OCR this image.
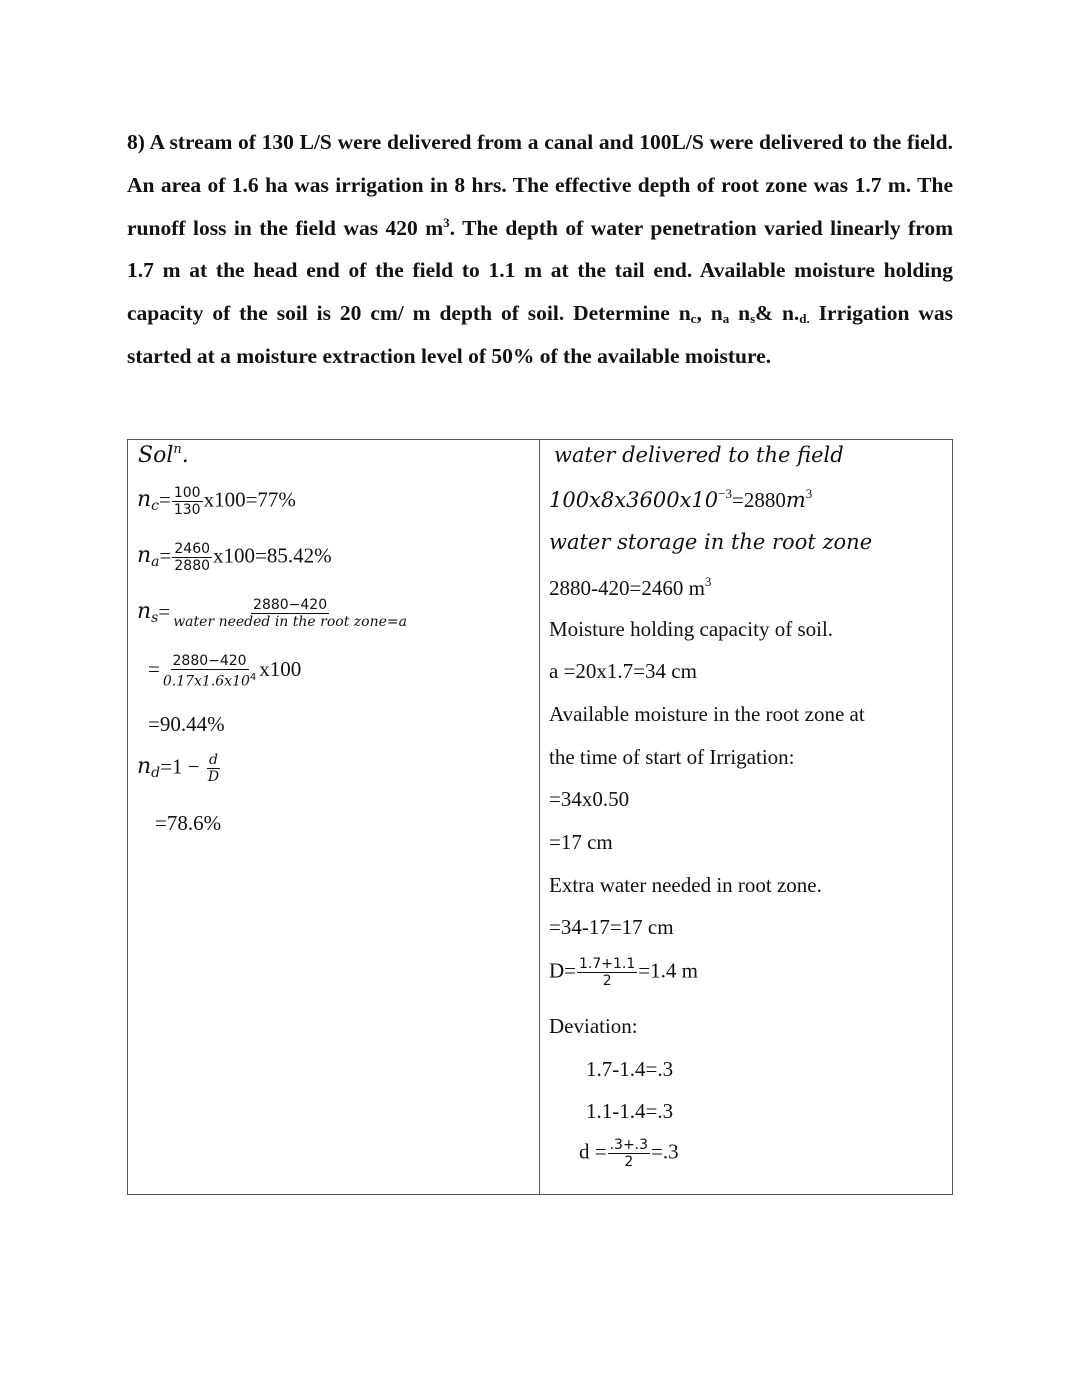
8) A stream of 130 L/S were delivered from a canal and 100L/S were delivered to the field. An area of 1.6 ha was irrigation in 8 hrs. The effective depth of root zone was 1.7 m. The runoff loss in the field was 420 $m^3$. The depth of water penetration varied linearly from 1.7 m at the head end of the field to 1.1 m at the tail end. Available moisture holding capacity of the soil is 20 cm/ m depth of soil. Determine $n_c$, $n_a$ $n_s\&$ $n._{d.}$ Irrigation was started at a moisture extraction level of 50% of the available moisture.
Sol$^n$.
$n_c= \frac{100}{130} x100=77\%$
$n_a= \frac{2460}{2880} x100=85.42\%$
$n_s= \frac{2880-420}{\text{water needed in the root zone=a}}$
= $\frac{2880-420}{0.17x1.6x10^4} x100$
=90.44%
$n_d=1 - \frac{d}{D}$
=78.6%
water delivered to the field
$100x8x3600x10^{-3}=2880m^3$
water storage in the root zone
2880-420=2460 $m^3$
Moisture holding capacity of soil.
a =20x1.7=34 cm
Available moisture in the root zone at
the time of start of Irrigation:
=34x0.50
=17 cm
Extra water needed in root zone.
=34-17=17 cm
$D= \frac{1.7+1.1}{2} =1.4$ m
Deviation:
1.7-1.4=.3
1.1-1.4=.3
$d = \frac{.3+.3}{2} =.3$
